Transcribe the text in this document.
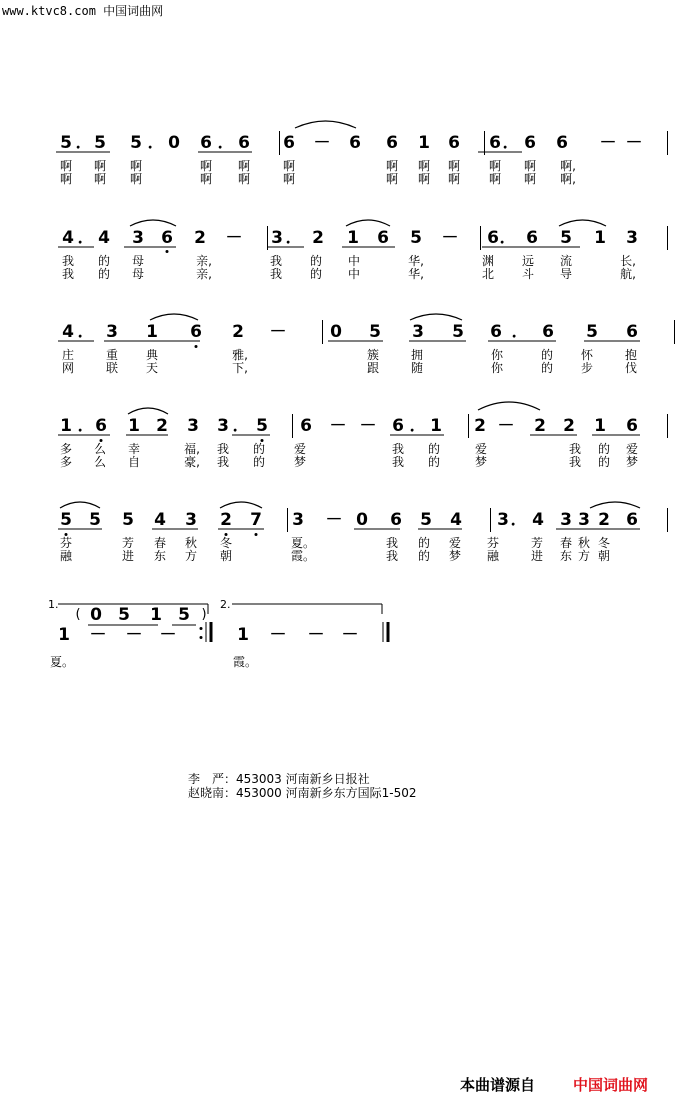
www.ktvc8.com 中国词曲网
5 ． 5 5 ． 0 6 ． 6 6 － 6 6 1 6 6 ． 6 6 － －
啊 啊 啊	啊 啊	啊	啊 啊 啊 啊 啊 啊,
啊 啊 啊	啊 啊	啊	啊 啊 啊 啊 啊 啊,
4 ． 4 3 6 2 － 3 ． 2 1 6 5 － 6 ． 6 5 1 3
我 的 母	亲,	我 的 中	华,	渊 远 流	长,
我 的 母	亲,	我 的 中	华,	北 斗 导	航,
4 ． 3 1 6 2 －	0 5 3 5 6 ． 6 5 6
庄	重 典	雅,	簇	拥	你	的 怀	抱
网	联 天	下,	跟	随	你	的 步	伐
1 ． 6 1 2 3 3 ． 5 6 － － 6 ． 1 2 － 2 2 1 6
多 么 幸	福, 我 的 爱	我 的	爱	我 的 爱
多 么 自	豪, 我 的 梦	我 的	梦	我 的 梦
5 5 5 4 3 2 7 3 － 0 6 5 4 3 ． 4 3 3 2 6
芬	芳 春 秋 冬	夏。	我 的 爱 芬	芳 春 秋 冬
融	进 东 方 朝	霞。	我 的 梦 融	进 东 方 朝
1 － － －	1 － － －
( 0 5 1 5 )
1.	2.
夏。	霞。
李　严：453003 河南新乡日报社
赵晓南：453000 河南新乡东方国际1-502
本曲谱源自	中国词曲网
